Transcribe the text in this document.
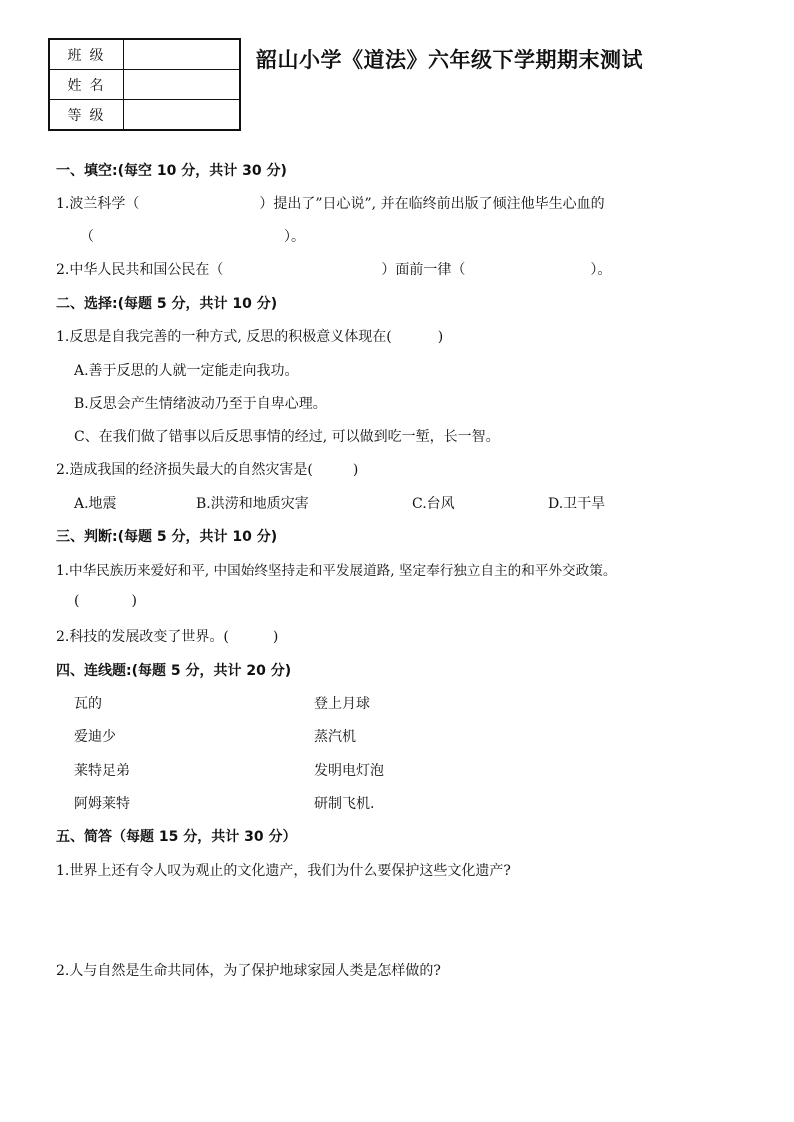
班级	
姓名	
等级	
韶山小学《道法》六年级下学期期末测试
一、填空:(每空 10 分，共计 30 分)
1.波兰科学（	）提出了”日心说”, 并在临终前出版了倾注他毕生心血的
（	）。
2.中华人民共和国公民在（	）面前一律（	）。
二、选择:(每题 5 分，共计 10 分)
1.反思是自我完善的一种方式, 反思的积极意义体现在(	)
A.善于反思的人就一定能走向我功。
B.反思会产生情绪波动乃至于自卑心理。
C、在我们做了错事以后反思事情的经过, 可以做到吃一堑，长一智。
2.造成我国的经济损失最大的自然灾害是(	)
A.地震	B.洪涝和地质灾害	C.台风	D.卫干旱
三、判断:(每题 5 分，共计 10 分)
1.中华民族历来爱好和平, 中国始终坚持走和平发展道路, 坚定奉行独立自主的和平外交政策。
(	)
2.科技的发展改变了世界。(	)
四、连线题:(每题 5 分，共计 20 分)
瓦的	登上月球
爱迪少	蒸汽机
莱特足弟	发明电灯泡
阿姆莱特	研制飞机.
五、简答（每题 15 分，共计 30 分）
1.世界上还有令人叹为观止的文化遗产，我们为什么要保护这些文化遗产?
2.人与自然是生命共同体，为了保护地球家园人类是怎样做的?
